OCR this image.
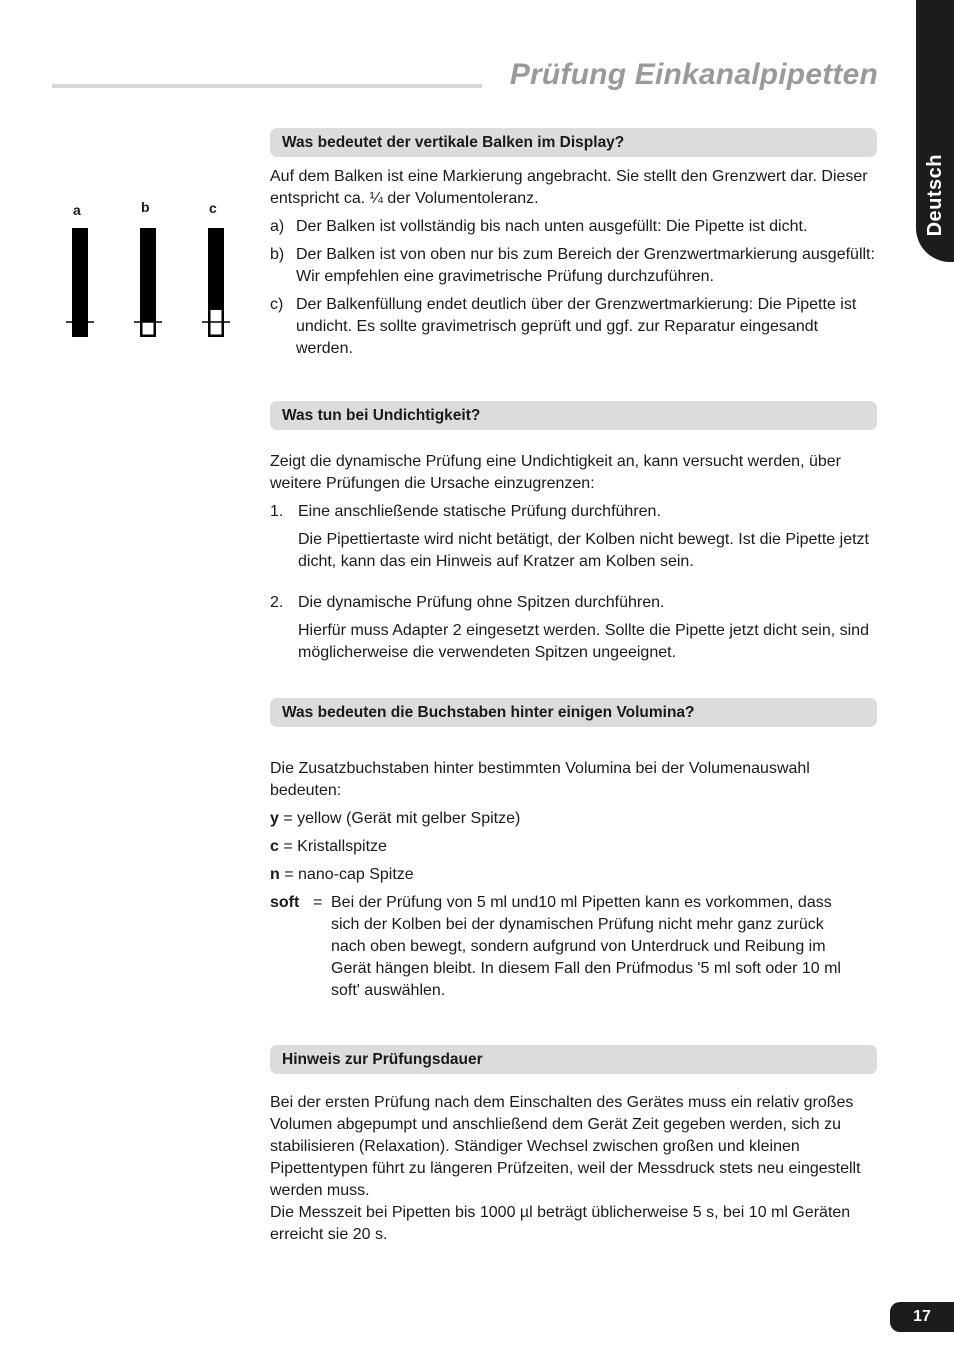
Prüfung Einkanalpipetten
Deutsch
a	b	c
Was bedeutet der vertikale Balken im Display?

Auf dem Balken ist eine Markierung angebracht. Sie stellt den Grenzwert dar. Dieser entspricht ca. ¼ der Volumentoleranz.

a) Der Balken ist vollständig bis nach unten ausgefüllt: Die Pipette ist dicht.
b) Der Balken ist von oben nur bis zum Bereich der Grenzwertmarkierung ausgefüllt: Wir empfehlen eine gravimetrische Prüfung durchzuführen.
c) Der Balkenfüllung endet deutlich über der Grenzwertmarkierung: Die Pipette ist undicht. Es sollte gravimetrisch geprüft und ggf. zur Reparatur eingesandt werden.
Was tun bei Undichtigkeit?

Zeigt die dynamische Prüfung eine Undichtigkeit an, kann versucht werden, über weitere Prüfungen die Ursache einzugrenzen:

1. Eine anschließende statische Prüfung durchführen.

Die Pipettiertaste wird nicht betätigt, der Kolben nicht bewegt. Ist die Pipette jetzt dicht, kann das ein Hinweis auf Kratzer am Kolben sein.

2. Die dynamische Prüfung ohne Spitzen durchführen.

Hierfür muss Adapter 2 eingesetzt werden. Sollte die Pipette jetzt dicht sein, sind möglicherweise die verwendeten Spitzen ungeeignet.

Was bedeuten die Buchstaben hinter einigen Volumina?

Die Zusatzbuchstaben hinter bestimmten Volumina bei der Volumenauswahl bedeuten:

y = yellow (Gerät mit gelber Spitze)

c = Kristallspitze

n = nano-cap Spitze

soft = Bei der Prüfung von 5 ml und10 ml Pipetten kann es vorkommen, dass sich der Kolben bei der dynamischen Prüfung nicht mehr ganz zurück nach oben bewegt, sondern aufgrund von Unterdruck und Reibung im Gerät hängen bleibt. In diesem Fall den Prüfmodus '5 ml soft oder 10 ml soft' auswählen.
Hinweis zur Prüfungsdauer

Bei der ersten Prüfung nach dem Einschalten des Gerätes muss ein relativ großes Volumen abgepumpt und anschließend dem Gerät Zeit gegeben werden, sich zu stabilisieren (Relaxation). Ständiger Wechsel zwischen großen und kleinen Pipettentypen führt zu längeren Prüfzeiten, weil der Messdruck stets neu eingestellt werden muss.

Die Messzeit bei Pipetten bis 1000 µl beträgt üblicherweise 5 s, bei 10 ml Geräten erreicht sie 20 s.

17
